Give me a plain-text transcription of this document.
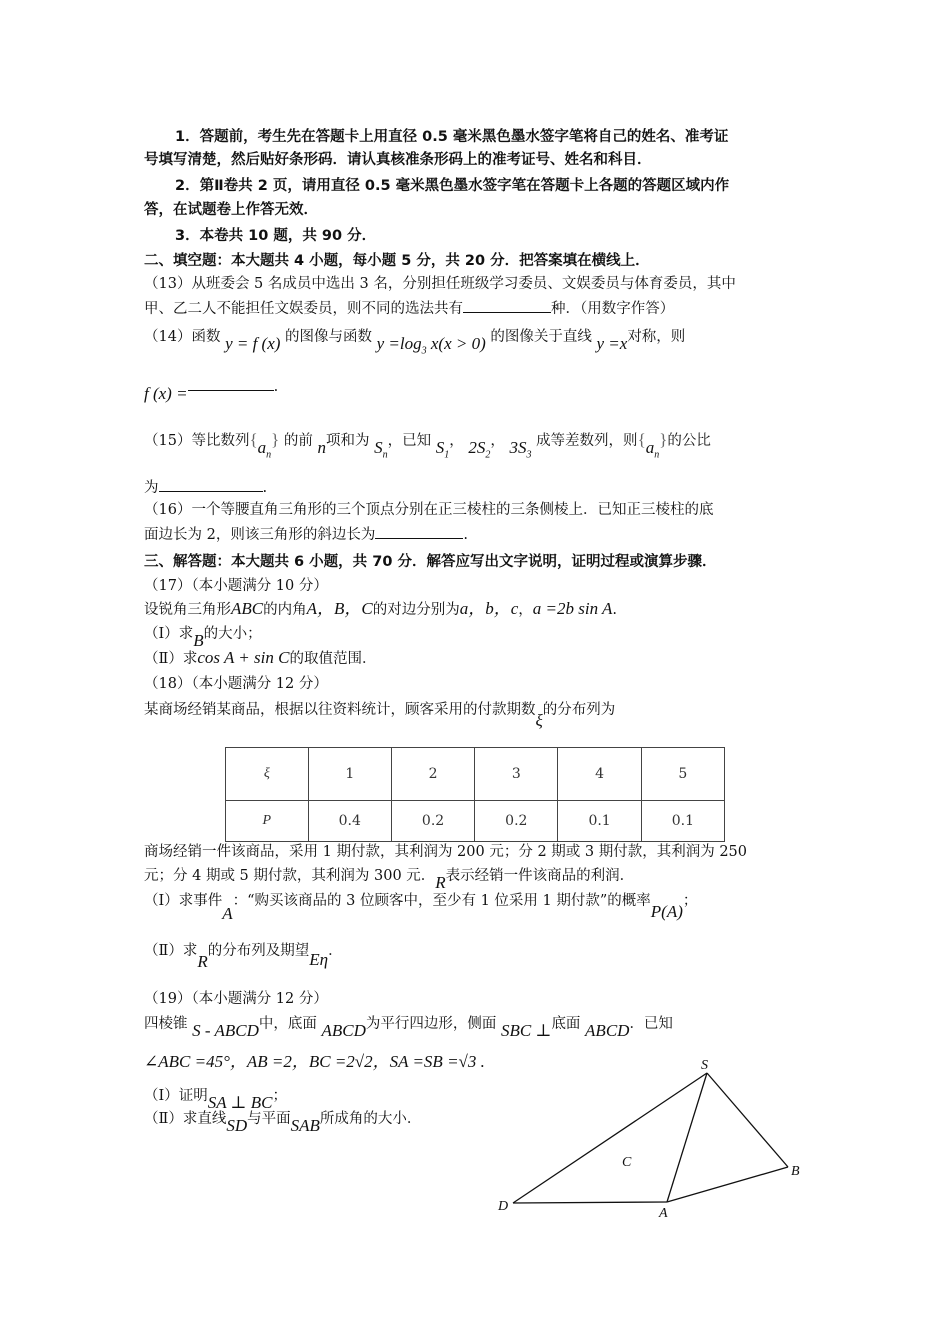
1．答题前，考生先在答题卡上用直径 0.5 毫米黑色墨水签字笔将自己的姓名、准考证
号填写清楚，然后贴好条形码．请认真核准条形码上的准考证号、姓名和科目．
2．第Ⅱ卷共 2 页，请用直径 0.5 毫米黑色墨水签字笔在答题卡上各题的答题区域内作
答，在试题卷上作答无效．
3．本卷共 10 题，共 90 分．
二、填空题：本大题共 4 小题，每小题 5 分，共 20 分．把答案填在横线上．
（13）从班委会 5 名成员中选出 3 名，分别担任班级学习委员、文娱委员与体育委员，其中
甲、乙二人不能担任文娱委员，则不同的选法共有	种．（用数字作答）
（14）函数 y = f (x) 的图像与函数 $y =\log_3$ x(x > 0) 的图像关于直线 y =x对称，则
f (x) =	.
（15）等比数列$\{a_n\}$ 的前 n项和为 $S_n$，已知 $S_1$， $2S_2$， $3S_3$ 成等差数列，则$\{a_n\}$的公比
为	.
（16）一个等腰直角三角形的三个顶点分别在正三棱柱的三条侧棱上．已知正三棱柱的底
面边长为 2，则该三角形的斜边长为	.
三、解答题：本大题共 6 小题，共 70 分．解答应写出文字说明，证明过程或演算步骤．
（17）（本小题满分 10 分）
设锐角三角形ABC的内角A，B，C的对边分别为a，b，c，a =2b sin A.
（Ⅰ）求B的大小；
（Ⅱ）求cos A + sin C的取值范围．
（18）（本小题满分 12 分）
某商场经销某商品，根据以往资料统计，顾客采用的付款期数ξ的分布列为
ξ	1	2	3	4	5
P	0.4	0.2	0.2	0.1	0.1
商场经销一件该商品，采用 1 期付款，其利润为 200 元；分 2 期或 3 期付款，其利润为 250
元；分 4 期或 5 期付款，其利润为 300 元．R表示经销一件该商品的利润．
（Ⅰ）求事件A：“购买该商品的 3 位顾客中，至少有 1 位采用 1 期付款”的概率P(A)；
（Ⅱ）求R的分布列及期望Eη．
（19）（本小题满分 12 分）
四棱锥 S - ABCD中，底面 ABCD为平行四边形，侧面 SBC ⊥底面 ABCD．已知
∠ABC =45°，AB =2，BC =2√2，SA =SB =√3 .
（Ⅰ）证明SA ⊥ BC；
（Ⅱ）求直线SD与平面SAB所成角的大小．
S
B
C
D	A
